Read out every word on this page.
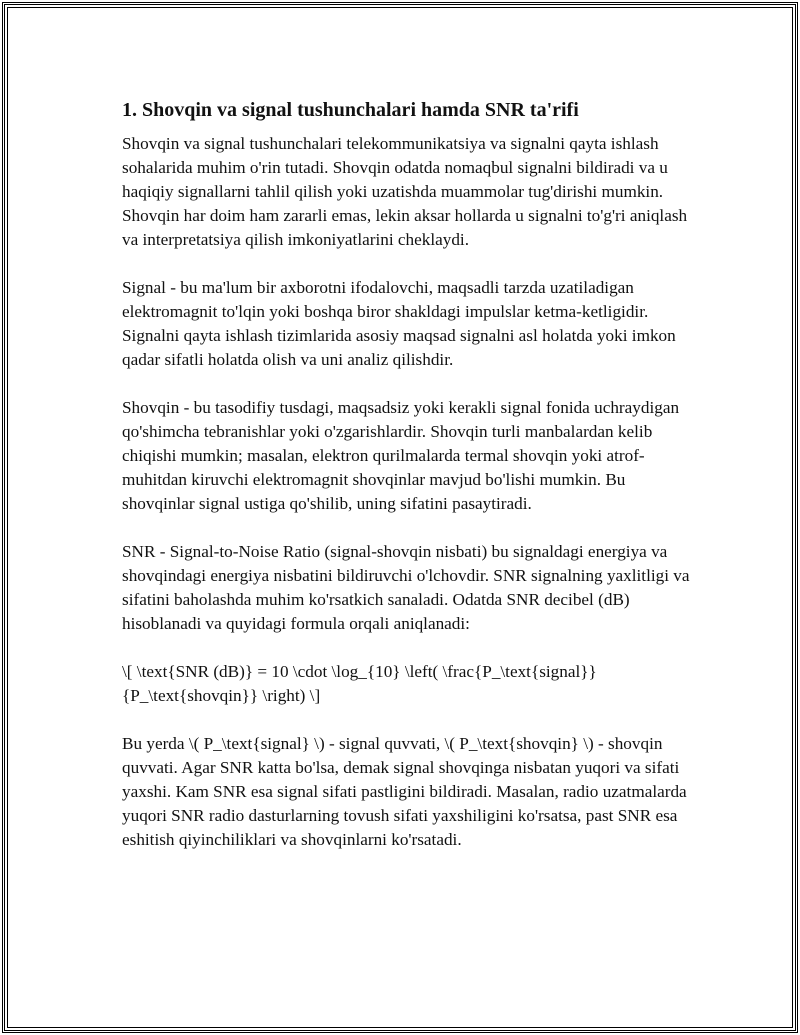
1. Shovqin va signal tushunchalari hamda SNR ta'rifi

Shovqin va signal tushunchalari telekommunikatsiya va signalni qayta ishlash sohalarida muhim o'rin tutadi. Shovqin odatda nomaqbul signalni bildiradi va u haqiqiy signallarni tahlil qilish yoki uzatishda muammolar tug'dirishi mumkin. Shovqin har doim ham zararli emas, lekin aksar hollarda u signalni to'g'ri aniqlash va interpretatsiya qilish imkoniyatlarini cheklaydi.

Signal - bu ma'lum bir axborotni ifodalovchi, maqsadli tarzda uzatiladigan elektromagnit to'lqin yoki boshqa biror shakldagi impulslar ketma-ketligidir. Signalni qayta ishlash tizimlarida asosiy maqsad signalni asl holatda yoki imkon qadar sifatli holatda olish va uni analiz qilishdir.

Shovqin - bu tasodifiy tusdagi, maqsadsiz yoki kerakli signal fonida uchraydigan qo'shimcha tebranishlar yoki o'zgarishlardir. Shovqin turli manbalardan kelib chiqishi mumkin; masalan, elektron qurilmalarda termal shovqin yoki atrof-muhitdan kiruvchi elektromagnit shovqinlar mavjud bo'lishi mumkin. Bu shovqinlar signal ustiga qo'shilib, uning sifatini pasaytiradi.

SNR - Signal-to-Noise Ratio (signal-shovqin nisbati) bu signaldagi energiya va shovqindagi energiya nisbatini bildiruvchi o'lchovdir. SNR signalning yaxlitligi va sifatini baholashda muhim ko'rsatkich sanaladi. Odatda SNR decibel (dB) hisoblanadi va quyidagi formula orqali aniqlanadi:

\[ \text{SNR (dB)} = 10 \cdot \log_{10} \left( \frac{P_\text{signal}}{P_\text{shovqin}} \right) \]

Bu yerda \( P_\text{signal} \) - signal quvvati, \( P_\text{shovqin} \) - shovqin quvvati. Agar SNR katta bo'lsa, demak signal shovqinga nisbatan yuqori va sifati yaxshi. Kam SNR esa signal sifati pastligini bildiradi. Masalan, radio uzatmalarda yuqori SNR radio dasturlarning tovush sifati yaxshiligini ko'rsatsa, past SNR esa eshitish qiyinchiliklari va shovqinlarni ko'rsatadi.
